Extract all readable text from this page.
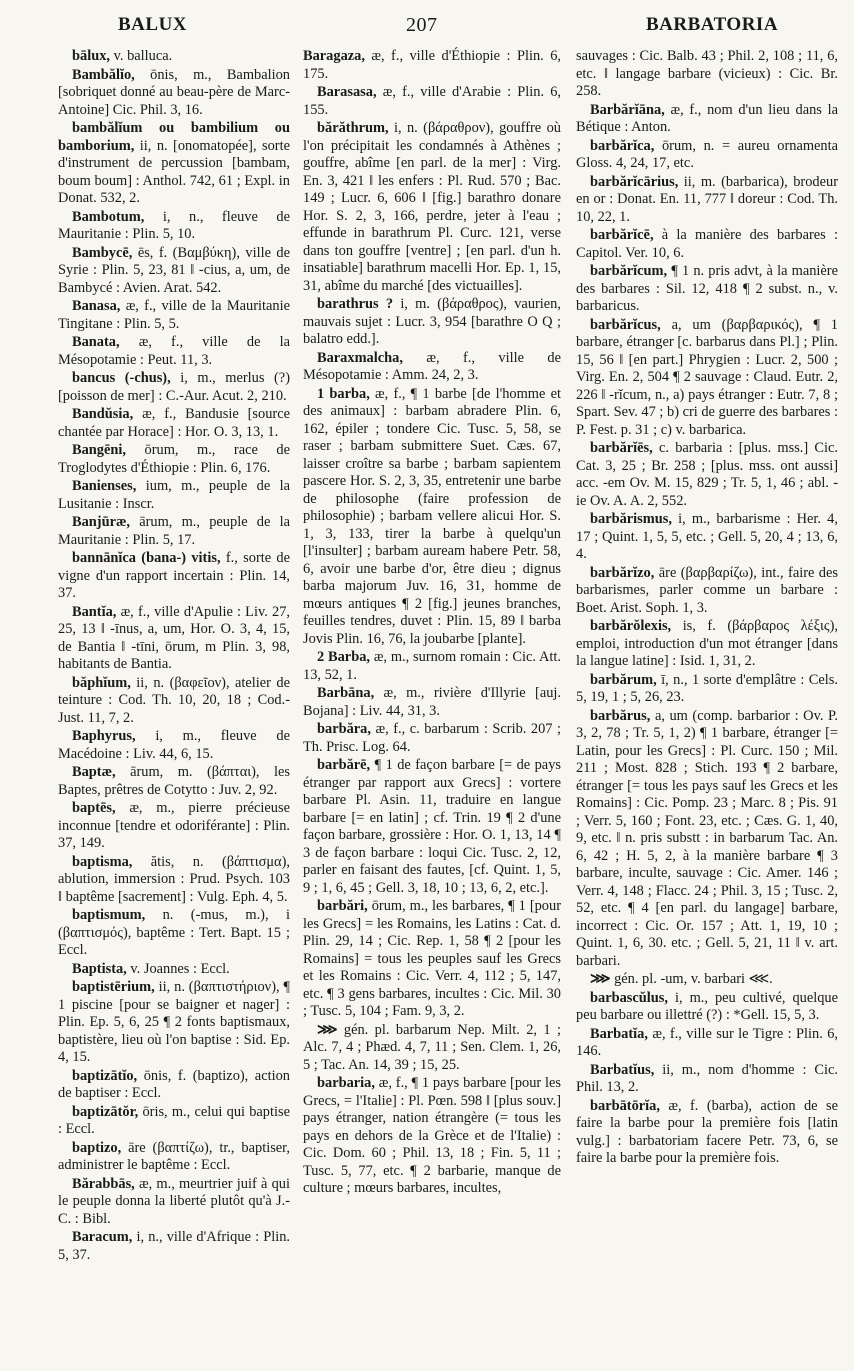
BALUX	207	BARBATORIA

bālux, v. balluca.

Bambălĭo, ōnis, m., Bambalion [sobriquet donné au beau-père de Marc-Antoine] Cic. Phil. 3, 16.

bambălĭum ou bambilium ou bamborium, ii, n. [onomatopée], sorte d'instrument de percussion [bambam, boum boum] : Anthol. 742, 61 ; Expl. in Donat. 532, 2.

Bambotum, i, n., fleuve de Mauritanie : Plin. 5, 10.

Bambycē, ēs, f. (Βαμβύκη), ville de Syrie : Plin. 5, 23, 81 ‖ -cius, a, um, de Bambycé : Avien. Arat. 542.

Banasa, æ, f., ville de la Mauritanie Tingitane : Plin. 5, 5.

Banata, æ, f., ville de la Mésopotamie : Peut. 11, 3.

bancus (-chus), i, m., merlus (?) [poisson de mer] : C.-Aur. Acut. 2, 210.

Bandŭsia, æ, f., Bandusie [source chantée par Horace] : Hor. O. 3, 13, 1.

Bangēni, ōrum, m., race de Troglodytes d'Éthiopie : Plin. 6, 176.

Banienses, ium, m., peuple de la Lusitanie : Inscr.

Banjūræ, ārum, m., peuple de la Mauritanie : Plin. 5, 17.

bannānĭca (bana-) vitis, f., sorte de vigne d'un rapport incertain : Plin. 14, 37.

Bantĭa, æ, f., ville d'Apulie : Liv. 27, 25, 13 ‖ -īnus, a, um, Hor. O. 3, 4, 15, de Bantia ‖ -tīni, ōrum, m Plin. 3, 98, habitants de Bantia.

băphĭum, ii, n. (βαφεῖον), atelier de teinture : Cod. Th. 10, 20, 18 ; Cod.-Just. 11, 7, 2.

Baphyrus, i, m., fleuve de Macédoine : Liv. 44, 6, 15.

Baptæ, ārum, m. (βάπται), les Baptes, prêtres de Cotytto : Juv. 2, 92.

baptēs, æ, m., pierre précieuse inconnue [tendre et odoriférante] : Plin. 37, 149.

baptisma, ătis, n. (βάπτισμα), ablution, immersion : Prud. Psych. 103 ‖ baptême [sacrement] : Vulg. Eph. 4, 5.

baptismum, n. (-mus, m.), i (βαπτισμός), baptême : Tert. Bapt. 15 ; Eccl.

Baptista, v. Joannes : Eccl.

baptistērium, ii, n. (βαπτιστήριον), ¶ 1 piscine [pour se baigner et nager] : Plin. Ep. 5, 6, 25 ¶ 2 fonts baptismaux, baptistère, lieu où l'on baptise : Sid. Ep. 4, 15.

baptizātĭo, ōnis, f. (baptizo), action de baptiser : Eccl.

baptizātŏr, ōris, m., celui qui baptise : Eccl.

baptizo, āre (βαπτίζω), tr., baptiser, administrer le baptême : Eccl.

Bărabbās, æ, m., meurtrier juif à qui le peuple donna la liberté plutôt qu'à J.-C. : Bibl.

Baracum, i, n., ville d'Afrique : Plin. 5, 37.

Baragaza, æ, f., ville d'Éthiopie : Plin. 6, 175.

Barasasa, æ, f., ville d'Arabie : Plin. 6, 155.

bărăthrum, i, n. (βάραθρον), gouffre où l'on précipitait les condamnés à Athènes ; gouffre, abîme [en parl. de la mer] : Virg. En. 3, 421 ‖ les enfers : Pl. Rud. 570 ; Bac. 149 ; Lucr. 6, 606 ‖ [fig.] barathro donare Hor. S. 2, 3, 166, perdre, jeter à l'eau ; effunde in barathrum Pl. Curc. 121, verse dans ton gouffre [ventre] ; [en parl. d'un h. insatiable] barathrum macelli Hor. Ep. 1, 15, 31, abîme du marché [des victuailles].

barathrus ? i, m. (βάραθρος), vaurien, mauvais sujet : Lucr. 3, 954 [barathre O Q ; balatro edd.].

Baraxmalcha, æ, f., ville de Mésopotamie : Amm. 24, 2, 3.

1 barba, æ, f., ¶ 1 barbe [de l'homme et des animaux] : barbam abradere Plin. 6, 162, épiler ; tondere Cic. Tusc. 5, 58, se raser ; barbam submittere Suet. Cæs. 67, laisser croître sa barbe ; barbam sapientem pascere Hor. S. 2, 3, 35, entretenir une barbe de philosophe (faire profession de philosophie) ; barbam vellere alicui Hor. S. 1, 3, 133, tirer la barbe à quelqu'un [l'insulter] ; barbam auream habere Petr. 58, 6, avoir une barbe d'or, être dieu ; dignus barba majorum Juv. 16, 31, homme de mœurs antiques ¶ 2 [fig.] jeunes branches, feuilles tendres, duvet : Plin. 15, 89 ‖ barba Jovis Plin. 16, 76, la joubarbe [plante].

2 Barba, æ, m., surnom romain : Cic. Att. 13, 52, 1.

Barbāna, æ, m., rivière d'Illyrie [auj. Bojana] : Liv. 44, 31, 3.

barbăra, æ, f., c. barbarum : Scrib. 207 ; Th. Prisc. Log. 64.

barbărē, ¶ 1 de façon barbare [= de pays étranger par rapport aux Grecs] : vortere barbare Pl. Asin. 11, traduire en langue barbare [= en latin] ; cf. Trin. 19 ¶ 2 d'une façon barbare, grossière : Hor. O. 1, 13, 14 ¶ 3 de façon barbare : loqui Cic. Tusc. 2, 12, parler en faisant des fautes, [cf. Quint. 1, 5, 9 ; 1, 6, 45 ; Gell. 3, 18, 10 ; 13, 6, 2, etc.].

barbări, ōrum, m., les barbares, ¶ 1 [pour les Grecs] = les Romains, les Latins : Cat. d. Plin. 29, 14 ; Cic. Rep. 1, 58 ¶ 2 [pour les Romains] = tous les peuples sauf les Grecs et les Romains : Cic. Verr. 4, 112 ; 5, 147, etc. ¶ 3 gens barbares, incultes : Cic. Mil. 30 ; Tusc. 5, 104 ; Fam. 9, 3, 2.

⋙ gén. pl. barbarum Nep. Milt. 2, 1 ; Alc. 7, 4 ; Phæd. 4, 7, 11 ; Sen. Clem. 1, 26, 5 ; Tac. An. 14, 39 ; 15, 25.

barbaria, æ, f., ¶ 1 pays barbare [pour les Grecs, = l'Italie] : Pl. Pœn. 598 ‖ [plus souv.] pays étranger, nation étrangère (= tous les pays en dehors de la Grèce et de l'Italie) : Cic. Dom. 60 ; Phil. 13, 18 ; Fin. 5, 11 ; Tusc. 5, 77, etc. ¶ 2 barbarie, manque de culture ; mœurs barbares, incultes,

sauvages : Cic. Balb. 43 ; Phil. 2, 108 ; 11, 6, etc. ‖ langage barbare (vicieux) : Cic. Br. 258.

Barbărĭāna, æ, f., nom d'un lieu dans la Bétique : Anton.

barbărĭca, ōrum, n. = aureu ornamenta Gloss. 4, 24, 17, etc.

barbărĭcārius, ii, m. (barbarica), brodeur en or : Donat. En. 11, 777 ‖ doreur : Cod. Th. 10, 22, 1.

barbărĭcē, à la manière des barbares : Capitol. Ver. 10, 6.

barbărĭcum, ¶ 1 n. pris advt, à la manière des barbares : Sil. 12, 418 ¶ 2 subst. n., v. barbaricus.

barbărĭcus, a, um (βαρβαρικός), ¶ 1 barbare, étranger [c. barbarus dans Pl.] ; Plin. 15, 56 ‖ [en part.] Phrygien : Lucr. 2, 500 ; Virg. En. 2, 504 ¶ 2 sauvage : Claud. Eutr. 2, 226 ‖ -rĭcum, n., a) pays étranger : Eutr. 7, 8 ; Spart. Sev. 47 ; b) cri de guerre des barbares : P. Fest. p. 31 ; c) v. barbarica.

barbărĭēs, c. barbaria : [plus. mss.] Cic. Cat. 3, 25 ; Br. 258 ; [plus. mss. ont aussi] acc. -em Ov. M. 15, 829 ; Tr. 5, 1, 46 ; abl. -ie Ov. A. A. 2, 552.

barbărismus, i, m., barbarisme : Her. 4, 17 ; Quint. 1, 5, 5, etc. ; Gell. 5, 20, 4 ; 13, 6, 4.

barbărĭzo, āre (βαρβαρίζω), int., faire des barbarismes, parler comme un barbare : Boet. Arist. Soph. 1, 3.

barbărŏlexis, is, f. (βάρβαρος λέξις), emploi, introduction d'un mot étranger [dans la langue latine] : Isid. 1, 31, 2.

barbărum, ī, n., 1 sorte d'emplâtre : Cels. 5, 19, 1 ; 5, 26, 23.

barbărus, a, um (comp. barbarior : Ov. P. 3, 2, 78 ; Tr. 5, 1, 2) ¶ 1 barbare, étranger [= Latin, pour les Grecs] : Pl. Curc. 150 ; Mil. 211 ; Most. 828 ; Stich. 193 ¶ 2 barbare, étranger [= tous les pays sauf les Grecs et les Romains] : Cic. Pomp. 23 ; Marc. 8 ; Pis. 91 ; Verr. 5, 160 ; Font. 23, etc. ; Cæs. G. 1, 40, 9, etc. ‖ n. pris substt : in barbarum Tac. An. 6, 42 ; H. 5, 2, à la manière barbare ¶ 3 barbare, inculte, sauvage : Cic. Amer. 146 ; Verr. 4, 148 ; Flacc. 24 ; Phil. 3, 15 ; Tusc. 2, 52, etc. ¶ 4 [en parl. du langage] barbare, incorrect : Cic. Or. 157 ; Att. 1, 19, 10 ; Quint. 1, 6, 30. etc. ; Gell. 5, 21, 11 ‖ v. art. barbari.

⋙ gén. pl. -um, v. barbari ⋘.

barbascŭlus, i, m., peu cultivé, quelque peu barbare ou illettré (?) : *Gell. 15, 5, 3.

Barbatĭa, æ, f., ville sur le Tigre : Plin. 6, 146.

Barbatĭus, ii, m., nom d'homme : Cic. Phil. 13, 2.

barbātōrĭa, æ, f. (barba), action de se faire la barbe pour la première fois [latin vulg.] : barbatoriam facere Petr. 73, 6, se faire la barbe pour la première fois.
